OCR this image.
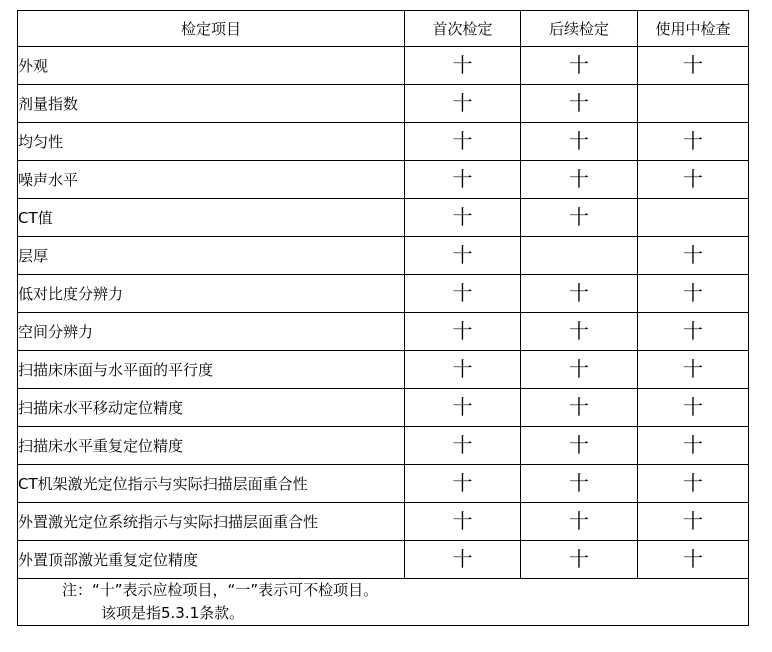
检定项目	首次检定	后续检定	使用中检查
外观	十	十	十
剂量指数	十	十	
均匀性	十	十	十
噪声水平	十	十	十
CT值	十	十	
层厚	十		十
低对比度分辨力	十	十	十
空间分辨力	十	十	十
扫描床床面与水平面的平行度	十	十	十
扫描床水平移动定位精度	十	十	十
扫描床水平重复定位精度	十	十	十
CT机架激光定位指示与实际扫描层面重合性	十	十	十
外置激光定位系统指示与实际扫描层面重合性	十	十	十
外置顶部激光重复定位精度	十	十	十

注：“十”表示应检项目，“一”表示可不检项目。
该项是指5.3.1条款。			
